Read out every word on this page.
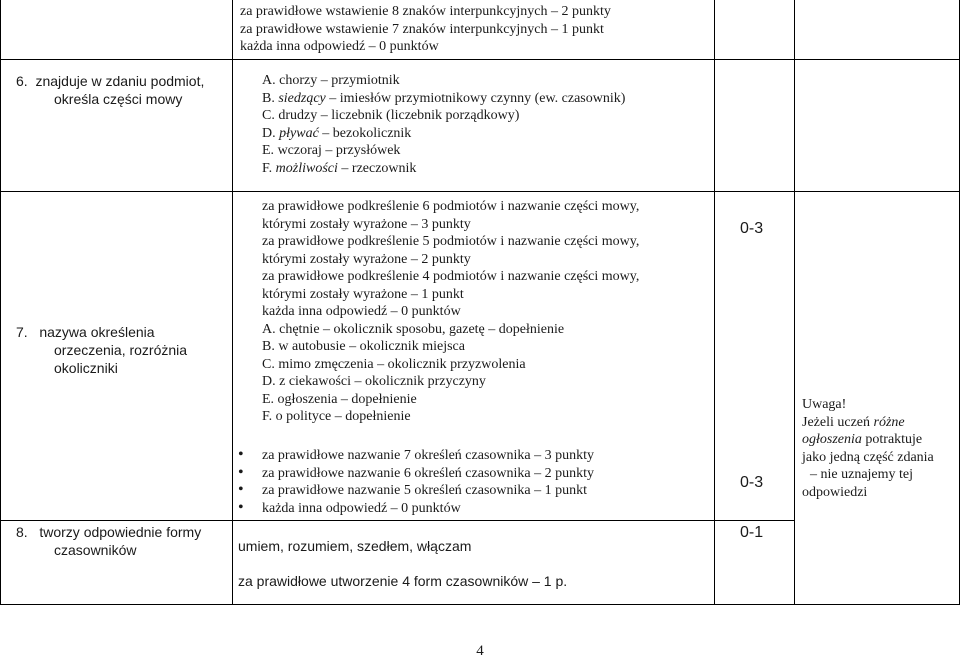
za prawidłowe wstawienie 8 znaków interpunkcyjnych – 2 punkty
za prawidłowe wstawienie 7 znaków interpunkcyjnych – 1 punkt
każda inna odpowiedź – 0 punktów
6. znajduje w zdaniu podmiot,
określa części mowy
A. chorzy – przymiotnik
B. siedzący – imiesłów przymiotnikowy czynny (ew. czasownik)
C. drudzy – liczebnik (liczebnik porządkowy)
D. pływać – bezokolicznik
E. wczoraj – przysłówek
F. możliwości – rzeczownik
za prawidłowe podkreślenie 6 podmiotów i nazwanie części mowy,
którymi zostały wyrażone – 3 punkty
za prawidłowe podkreślenie 5 podmiotów i nazwanie części mowy,
którymi zostały wyrażone – 2 punkty
za prawidłowe podkreślenie 4 podmiotów i nazwanie części mowy,
którymi zostały wyrażone – 1 punkt
każda inna odpowiedź – 0 punktów
A. chętnie – okolicznik sposobu, gazetę – dopełnienie
B. w autobusie – okolicznik miejsca
C. mimo zmęczenia – okolicznik przyzwolenia
D. z ciekawości – okolicznik przyczyny
E. ogłoszenia – dopełnienie
F. o polityce – dopełnienie
0-3
7. nazywa określenia
orzeczenia, rozróżnia
okoliczniki
Uwaga!
Jeżeli uczeń różne
ogłoszenia potraktuje
jako jedną część zdania
– nie uznajemy tej
odpowiedzi
• za prawidłowe nazwanie 7 określeń czasownika – 3 punkty
• za prawidłowe nazwanie 6 określeń czasownika – 2 punkty
• za prawidłowe nazwanie 5 określeń czasownika – 1 punkt
• każda inna odpowiedź – 0 punktów
0-3
8. tworzy odpowiednie formy
czasowników	umiem, rozumiem, szedłem, włączam
0-1
za prawidłowe utworzenie 4 form czasowników – 1 p.
4
